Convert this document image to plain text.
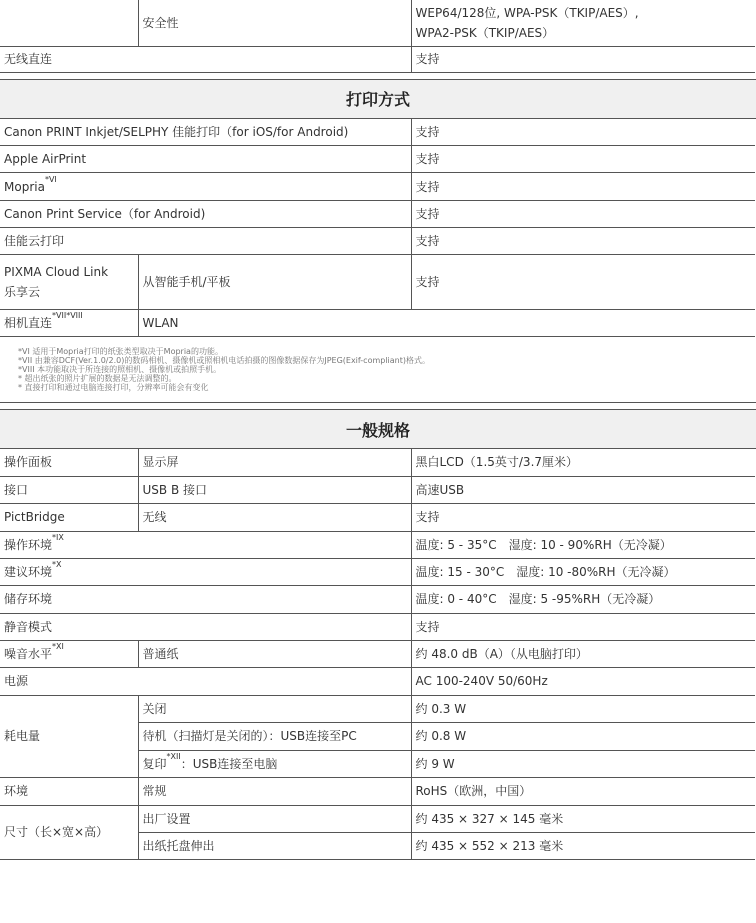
	安全性	WEP64/128位, WPA-PSK（TKIP/AES）,
WPA2-PSK（TKIP/AES）

无线直连		支持
打印方式
Canon PRINT Inkjet/SELPHY 佳能打印（for iOS/for Android)		支持
Apple AirPrint		支持
Mopria$^{*VI}$		支持
Canon Print Service（for Android)		支持
佳能云打印		支持

PIXMA Cloud Link
乐享云	从智能手机/平板	支持
相机直连$^{*VII*VIII}$	WLAN	
*VI 适用于Mopria打印的纸张类型取决于Mopria的功能。
*VII 由兼容DCF(Ver.1.0/2.0)的数码相机、摄像机或照相机电话拍摄的图像数据保存为JPEG(Exif-compliant)格式。
*VIII 本功能取决于所连接的照相机、摄像机或拍照手机。
* 超出纸张的照片扩展的数据是无法调整的。
* 直接打印和通过电脑连接打印，分辨率可能会有变化
一般规格
操作面板	显示屏	黑白LCD（1.5英寸/3.7厘米）
接口	USB B 接口	高速USB
PictBridge	无线	支持
操作环境$^{*IX}$		温度: 5 - 35°C　湿度: 10 - 90%RH（无冷凝）
建议环境$^{*X}$		温度: 15 - 30°C　湿度: 10 -80%RH（无冷凝）
储存环境		温度: 0 - 40°C　湿度: 5 -95%RH（无冷凝）
静音模式		支持
噪音水平$^{*XI}$	普通纸	约 48.0 dB（A）（从电脑打印）
电源		AC 100-240V 50/60Hz
耗电量	关闭	约 0.3 W
	待机（扫描灯是关闭的）：USB连接至PC	约 0.8 W
	复印$^{*XII}$：USB连接至电脑	约 9 W
环境	常规	RoHS（欧洲，中国）
尺寸（长×宽×高）	出厂设置	约 435 × 327 × 145 毫米
	出纸托盘伸出	约 435 × 552 × 213 毫米
